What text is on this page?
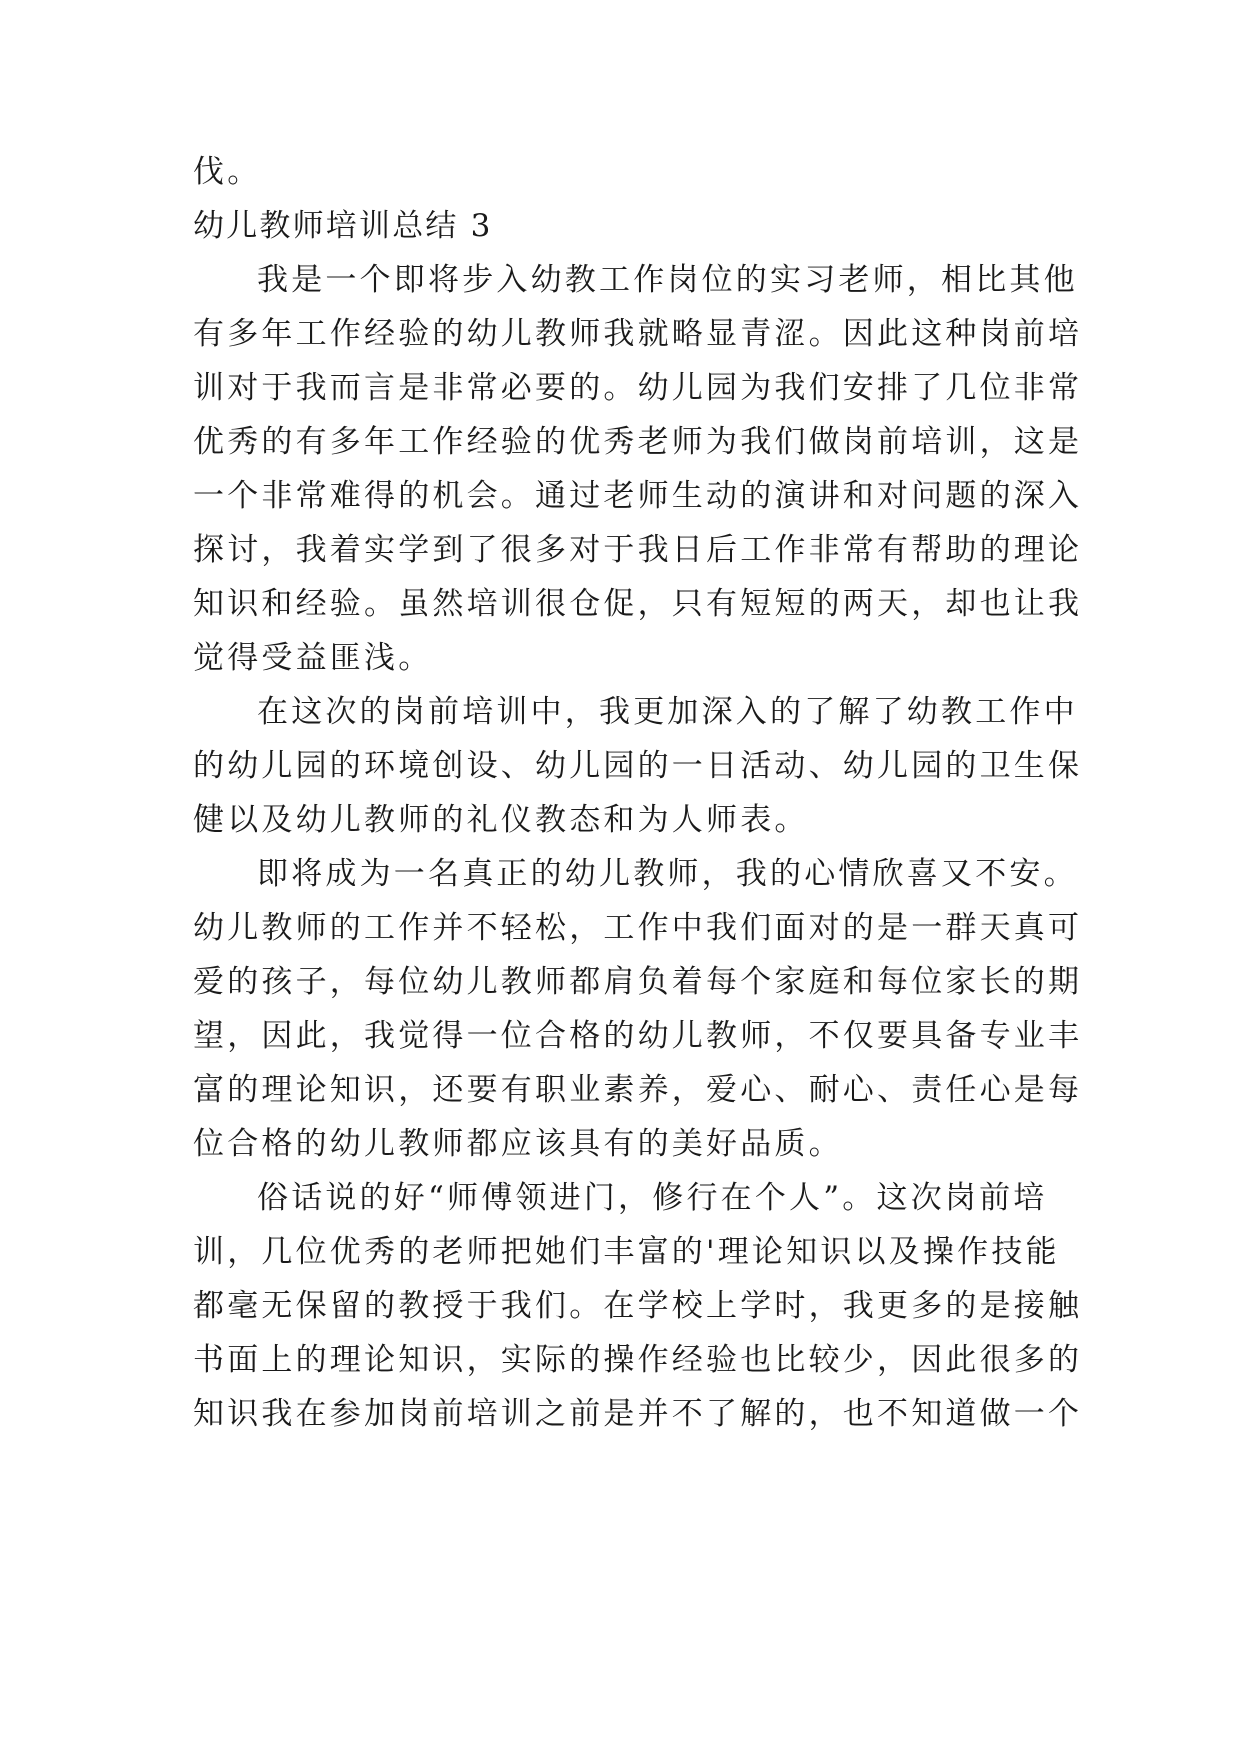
伐。
幼儿教师培训总结 3
我是一个即将步入幼教工作岗位的实习老师，相比其他
有多年工作经验的幼儿教师我就略显青涩。因此这种岗前培
训对于我而言是非常必要的。幼儿园为我们安排了几位非常
优秀的有多年工作经验的优秀老师为我们做岗前培训，这是
一个非常难得的机会。通过老师生动的演讲和对问题的深入
探讨，我着实学到了很多对于我日后工作非常有帮助的理论
知识和经验。虽然培训很仓促，只有短短的两天，却也让我
觉得受益匪浅。
在这次的岗前培训中，我更加深入的了解了幼教工作中
的幼儿园的环境创设、幼儿园的一日活动、幼儿园的卫生保
健以及幼儿教师的礼仪教态和为人师表。
即将成为一名真正的幼儿教师，我的心情欣喜又不安。
幼儿教师的工作并不轻松，工作中我们面对的是一群天真可
爱的孩子，每位幼儿教师都肩负着每个家庭和每位家长的期
望，因此，我觉得一位合格的幼儿教师，不仅要具备专业丰
富的理论知识，还要有职业素养，爱心、耐心、责任心是每
位合格的幼儿教师都应该具有的美好品质。
俗话说的好“师傅领进门，修行在个人”。这次岗前培
训，几位优秀的老师把她们丰富的'理论知识以及操作技能
都毫无保留的教授于我们。在学校上学时，我更多的是接触
书面上的理论知识，实际的操作经验也比较少，因此很多的
知识我在参加岗前培训之前是并不了解的，也不知道做一个
